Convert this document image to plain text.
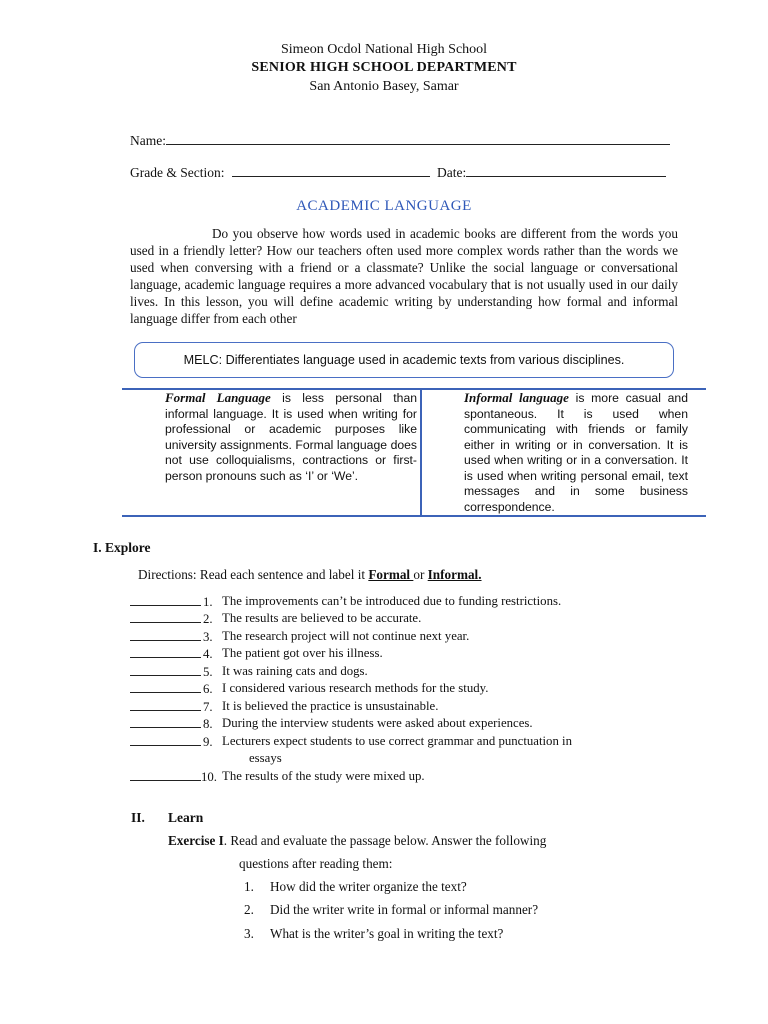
Simeon Ocdol National High School
SENIOR HIGH SCHOOL DEPARTMENT
San Antonio Basey, Samar
Name:
Grade & Section:	Date:
ACADEMIC LANGUAGE
Do you observe how words used in academic books are different from the words you used in a friendly letter? How our teachers often used more complex words rather than the words we used when conversing with a friend or a classmate? Unlike the social language or conversational language, academic language requires a more advanced vocabulary that is not usually used in our daily lives. In this lesson, you will define academic writing by understanding how formal and informal language differ from each other
MELC: Differentiates language used in academic texts from various disciplines.
Formal Language is less personal than informal language. It is used when writing for professional or academic purposes like university assignments. Formal language does not use colloquialisms, contractions or first-person pronouns such as ‘I’ or ‘We’.
Informal language is more casual and spontaneous. It is used when communicating with friends or family either in writing or in conversation. It is used when writing or in a conversation. It is used when writing personal email, text messages and in some business correspondence.
I. Explore
Directions: Read each sentence and label it Formal or Informal.
1. The improvements can’t be introduced due to funding restrictions.
2. The results are believed to be accurate.
3. The research project will not continue next year.
4. The patient got over his illness.
5. It was raining cats and dogs.
6. I considered various research methods for the study.
7. It is believed the practice is unsustainable.
8. During the interview students were asked about experiences.
9. Lecturers expect students to use correct grammar and punctuation in
essays
10. The results of the study were mixed up.
II. Learn
Exercise I. Read and evaluate the passage below. Answer the following
questions after reading them:
1. How did the writer organize the text?
2. Did the writer write in formal or informal manner?
3. What is the writer’s goal in writing the text?
